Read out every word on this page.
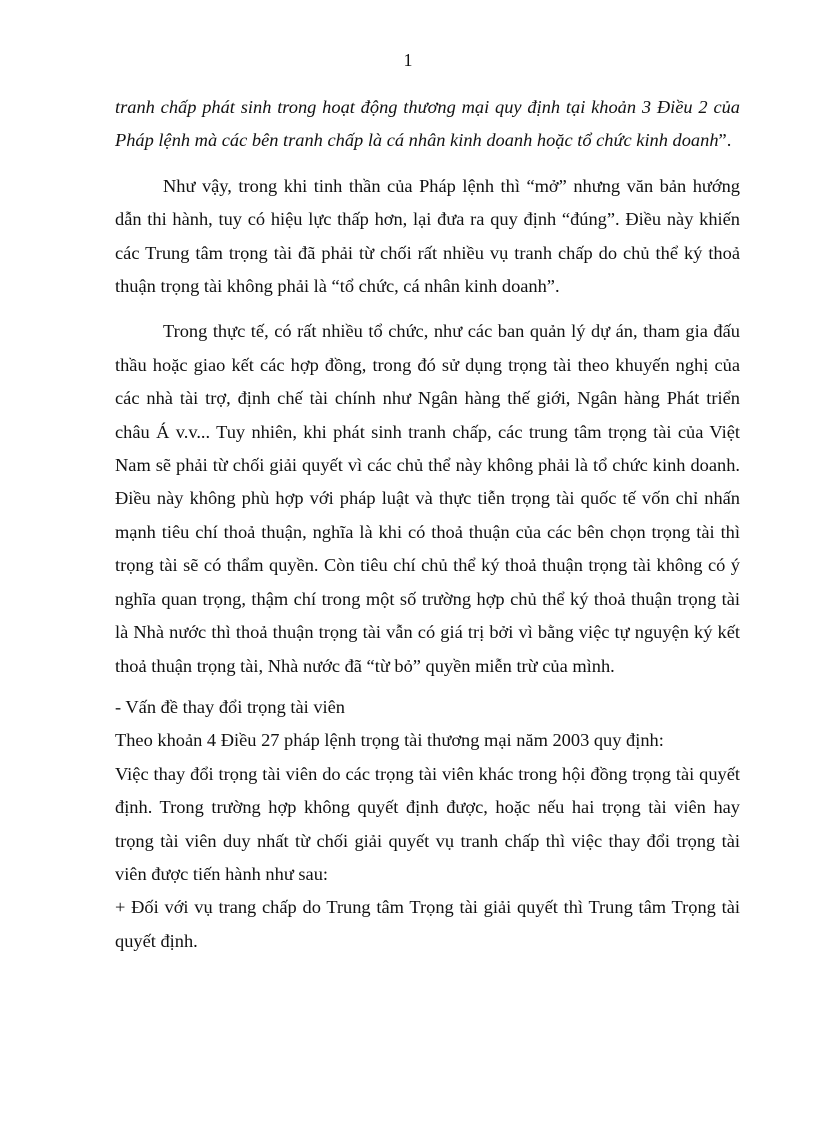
1

tranh chấp phát sinh trong hoạt động thương mại quy định tại khoản 3 Điều 2 của Pháp lệnh mà các bên tranh chấp là cá nhân kinh doanh hoặc tổ chức kinh doanh”.

Như vậy, trong khi tinh thần của Pháp lệnh thì “mở” nhưng văn bản hướng dẫn thi hành, tuy có hiệu lực thấp hơn, lại đưa ra quy định “đúng”. Điều này khiến các Trung tâm trọng tài đã phải từ chối rất nhiều vụ tranh chấp do chủ thể ký thoả thuận trọng tài không phải là “tổ chức, cá nhân kinh doanh”.

Trong thực tế, có rất nhiều tổ chức, như các ban quản lý dự án, tham gia đấu thầu hoặc giao kết các hợp đồng, trong đó sử dụng trọng tài theo khuyến nghị của các nhà tài trợ, định chế tài chính như Ngân hàng thế giới, Ngân hàng Phát triển châu Á v.v... Tuy nhiên, khi phát sinh tranh chấp, các trung tâm trọng tài của Việt Nam sẽ phải từ chối giải quyết vì các chủ thể này không phải là tổ chức kinh doanh. Điều này không phù hợp với pháp luật và thực tiễn trọng tài quốc tế vốn chỉ nhấn mạnh tiêu chí thoả thuận, nghĩa là khi có thoả thuận của các bên chọn trọng tài thì trọng tài sẽ có thẩm quyền. Còn tiêu chí chủ thể ký thoả thuận trọng tài không có ý nghĩa quan trọng, thậm chí trong một số trường hợp chủ thể ký thoả thuận trọng tài là Nhà nước thì thoả thuận trọng tài vẫn có giá trị bởi vì bằng việc tự nguyện ký kết thoả thuận trọng tài, Nhà nước đã “từ bỏ” quyền miễn trừ của mình.

- Vấn đề thay đổi trọng tài viên

Theo khoản 4 Điều 27 pháp lệnh trọng tài thương mại năm 2003 quy định:

Việc thay đổi trọng tài viên do các trọng tài viên khác trong hội đồng trọng tài quyết định. Trong trường hợp không quyết định được, hoặc nếu hai trọng tài viên hay trọng tài viên duy nhất từ chối giải quyết vụ tranh chấp thì việc thay đổi trọng tài viên được tiến hành như sau:

+ Đối với vụ trang chấp do Trung tâm Trọng tài giải quyết thì Trung tâm Trọng tài quyết định.
